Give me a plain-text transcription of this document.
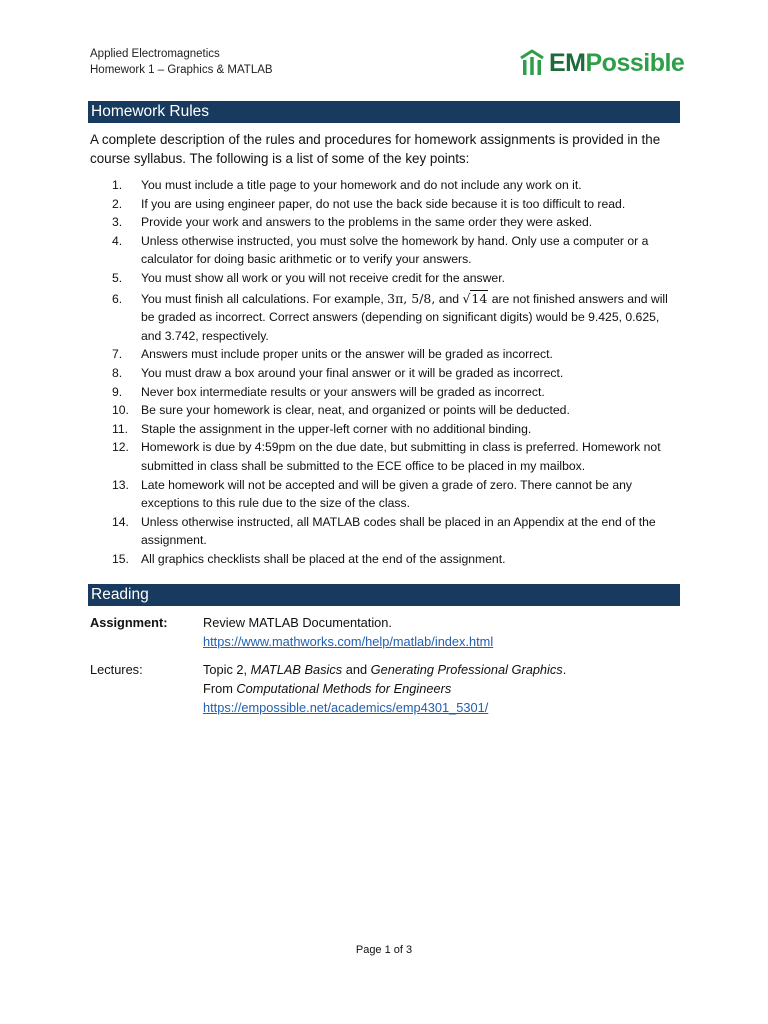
Applied Electromagnetics
Homework 1 – Graphics & MATLAB	EMPossible
Homework Rules

A complete description of the rules and procedures for homework assignments is provided in the course syllabus. The following is a list of some of the key points:

1.	You must include a title page to your homework and do not include any work on it.
2.	If you are using engineer paper, do not use the back side because it is too difficult to read.
3.	Provide your work and answers to the problems in the same order they were asked.
4.	Unless otherwise instructed, you must solve the homework by hand. Only use a computer or a calculator for doing basic arithmetic or to verify your answers.
5.	You must show all work or you will not receive credit for the answer.
6.	You must finish all calculations. For example, 3π, 5/8, and √14 are not finished answers and will be graded as incorrect. Correct answers (depending on significant digits) would be 9.425, 0.625, and 3.742, respectively.
7.	Answers must include proper units or the answer will be graded as incorrect.
8.	You must draw a box around your final answer or it will be graded as incorrect.
9.	Never box intermediate results or your answers will be graded as incorrect.
10. Be sure your homework is clear, neat, and organized or points will be deducted.
11.	Staple the assignment in the upper-left corner with no additional binding.
12. Homework is due by 4:59pm on the due date, but submitting in class is preferred. Homework not submitted in class shall be submitted to the ECE office to be placed in my mailbox.
13. Late homework will not be accepted and will be given a grade of zero. There cannot be any exceptions to this rule due to the size of the class.
14. Unless otherwise instructed, all MATLAB codes shall be placed in an Appendix at the end of the assignment.
15. All graphics checklists shall be placed at the end of the assignment.
Reading
Assignment:	Review MATLAB Documentation.
https://www.mathworks.com/help/matlab/index.html
Lectures:	Topic 2, MATLAB Basics and Generating Professional Graphics.
From Computational Methods for Engineers
https://empossible.net/academics/emp4301_5301/
Page 1 of 3
